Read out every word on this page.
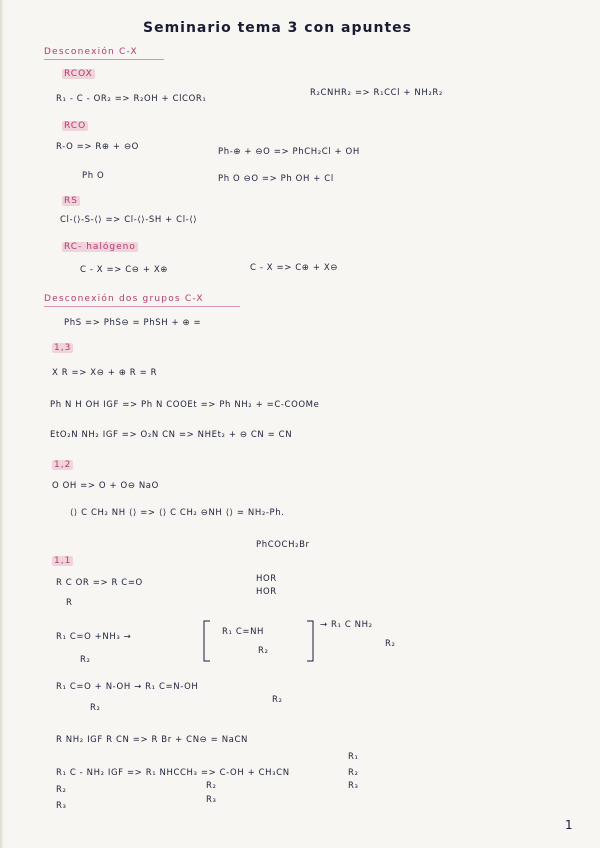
Seminario tema 3 con apuntes
Desconexión C-X
RCOX
R₁ - C - OR₂ => R₂OH + ClCOR₁
R₂CNHR₂ => R₁CCl + NH₂R₂
RCO
R-O => R⊕ + ⊖O	Ph-⊕ + ⊖O => PhCH₂Cl + OH
Ph O	Ph O ⊖O => Ph OH + Cl
RS
Cl-⟨⟩-S-⟨⟩ => Cl-⟨⟩-SH + Cl-⟨⟩
RC- halógeno
C - X => C⊖ + X⊕	C - X => C⊕ + X⊖
Desconexión dos grupos C-X
PhS => PhS⊖ = PhSH + ⊕ =
1,3
X R => X⊖ + ⊕ R = R
Ph N H OH IGF => Ph N COOEt => Ph NH₂ + =C-COOMe
EtO₂N NH₂ IGF => O₂N CN => NHEt₂ + ⊖ CN = CN
1,2
O OH => O + O⊖ NaO
⟨⟩ C CH₂ NH ⟨⟩ => ⟨⟩ C CH₂ ⊖NH ⟨⟩ = NH₂-Ph.
PhCOCH₂Br
1,1
R C OR => R C=O
R
HOR
HOR
R₁ C=O +NH₃ →
R₂
R₁ C=NH
R₂
→ R₁ C NH₂
R₂
R₁ C=O + N-OH → R₁ C=N-OH
R₂
R₂
R NH₂ IGF R CN => R Br + CN⊖ = NaCN
R₁ C - NH₂ IGF => R₁ NHCCH₃ => C-OH + CH₃CN
R₂
R₃
R₂
R₃
R₂
R₃
R₁
1
